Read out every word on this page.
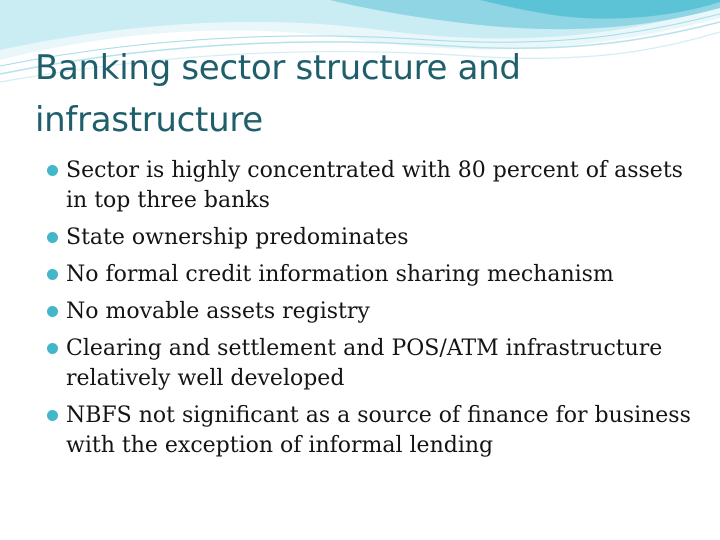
Banking sector structure and infrastructure
Sector is highly concentrated with 80 percent of assets in top three banks
State ownership predominates
No formal credit information sharing mechanism
No movable assets registry
Clearing and settlement and POS/ATM infrastructure relatively well developed
NBFS not significant as a source of finance for business with the exception of informal lending
